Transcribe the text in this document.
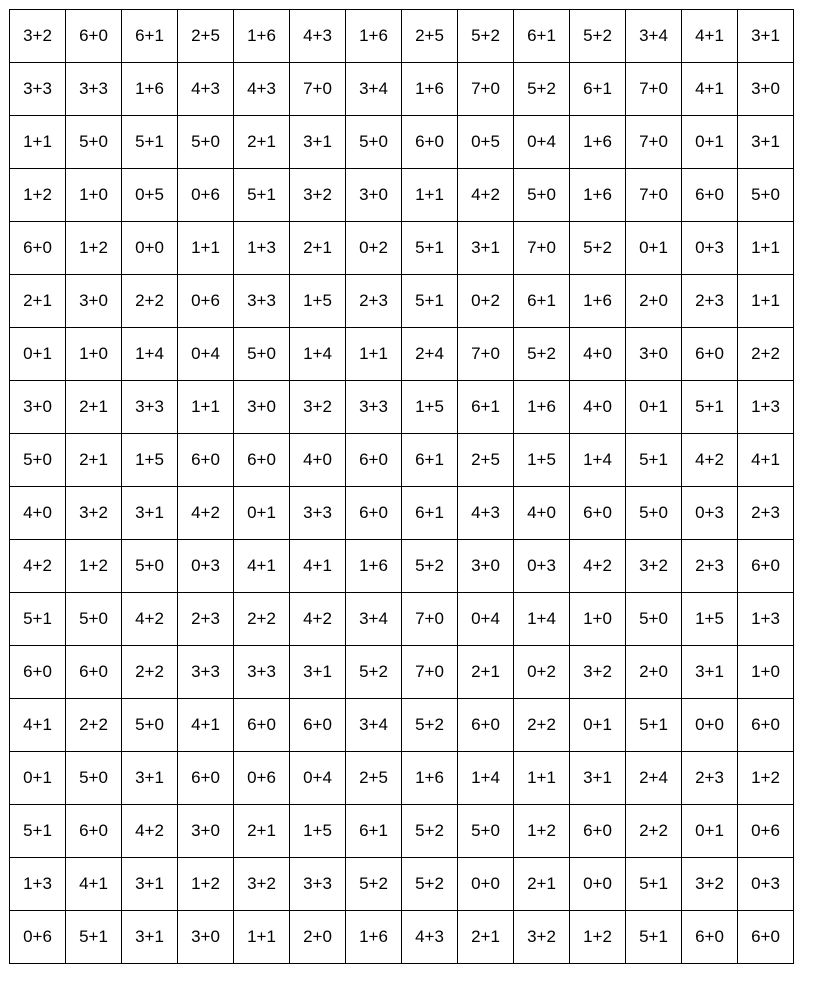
3+2	6+0	6+1	2+5	1+6	4+3	1+6	2+5	5+2	6+1	5+2	3+4	4+1	3+1
3+3	3+3	1+6	4+3	4+3	7+0	3+4	1+6	7+0	5+2	6+1	7+0	4+1	3+0
1+1	5+0	5+1	5+0	2+1	3+1	5+0	6+0	0+5	0+4	1+6	7+0	0+1	3+1
1+2	1+0	0+5	0+6	5+1	3+2	3+0	1+1	4+2	5+0	1+6	7+0	6+0	5+0
6+0	1+2	0+0	1+1	1+3	2+1	0+2	5+1	3+1	7+0	5+2	0+1	0+3	1+1
2+1	3+0	2+2	0+6	3+3	1+5	2+3	5+1	0+2	6+1	1+6	2+0	2+3	1+1
0+1	1+0	1+4	0+4	5+0	1+4	1+1	2+4	7+0	5+2	4+0	3+0	6+0	2+2
3+0	2+1	3+3	1+1	3+0	3+2	3+3	1+5	6+1	1+6	4+0	0+1	5+1	1+3
5+0	2+1	1+5	6+0	6+0	4+0	6+0	6+1	2+5	1+5	1+4	5+1	4+2	4+1
4+0	3+2	3+1	4+2	0+1	3+3	6+0	6+1	4+3	4+0	6+0	5+0	0+3	2+3
4+2	1+2	5+0	0+3	4+1	4+1	1+6	5+2	3+0	0+3	4+2	3+2	2+3	6+0
5+1	5+0	4+2	2+3	2+2	4+2	3+4	7+0	0+4	1+4	1+0	5+0	1+5	1+3
6+0	6+0	2+2	3+3	3+3	3+1	5+2	7+0	2+1	0+2	3+2	2+0	3+1	1+0
4+1	2+2	5+0	4+1	6+0	6+0	3+4	5+2	6+0	2+2	0+1	5+1	0+0	6+0
0+1	5+0	3+1	6+0	0+6	0+4	2+5	1+6	1+4	1+1	3+1	2+4	2+3	1+2
5+1	6+0	4+2	3+0	2+1	1+5	6+1	5+2	5+0	1+2	6+0	2+2	0+1	0+6
1+3	4+1	3+1	1+2	3+2	3+3	5+2	5+2	0+0	2+1	0+0	5+1	3+2	0+3
0+6	5+1	3+1	3+0	1+1	2+0	1+6	4+3	2+1	3+2	1+2	5+1	6+0	6+0
